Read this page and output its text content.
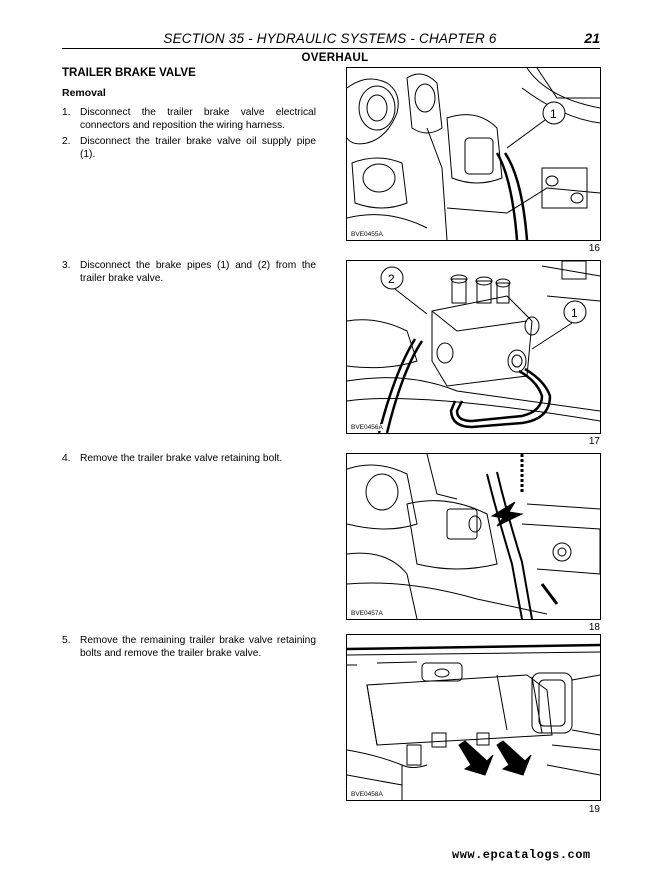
SECTION 35 - HYDRAULIC SYSTEMS - CHAPTER 6	21
OVERHAUL
TRAILER BRAKE VALVE
Removal
1. Disconnect the trailer brake valve electrical connectors and reposition the wiring harness.
2. Disconnect the trailer brake valve oil supply pipe (1).
3. Disconnect the brake pipes (1) and (2) from the trailer brake valve.
4. Remove the trailer brake valve retaining bolt.
5. Remove the remaining trailer brake valve retaining bolts and remove the trailer brake valve.
1
BVE0455A
16
2
1
BVE0456A
17
BVE0457A
18
BVE0458A
19
www.epcatalogs.com
